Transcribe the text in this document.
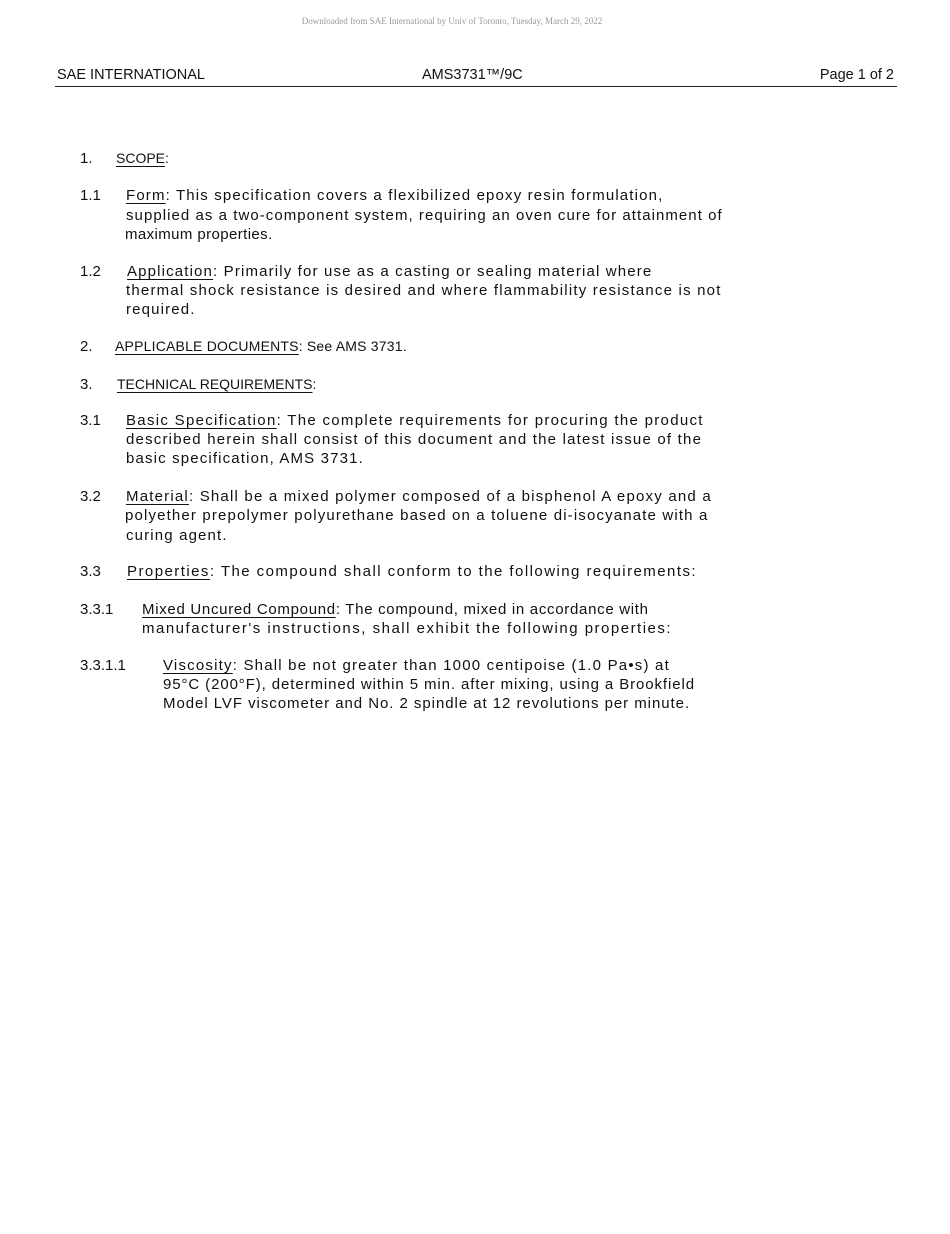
Downloaded from SAE International by Univ of Toronto, Tuesday, March 29, 2022
SAE INTERNATIONAL	AMS3731™/9C	Page 1 of 2
1. SCOPE:
1.1 Form: This specification covers a flexibilized epoxy resin formulation,
supplied as a two-component system, requiring an oven cure for attainment of
maximum properties.
1.2 Application: Primarily for use as a casting or sealing material where
thermal shock resistance is desired and where flammability resistance is not
required.
2. APPLICABLE DOCUMENTS: See AMS 3731.
3. TECHNICAL REQUIREMENTS:
3.1 Basic Specification: The complete requirements for procuring the product
described herein shall consist of this document and the latest issue of the
basic specification, AMS 3731.
3.2 Material: Shall be a mixed polymer composed of a bisphenol A epoxy and a
polyether prepolymer polyurethane based on a toluene di-isocyanate with a
curing agent.
3.3 Properties: The compound shall conform to the following requirements:
3.3.1 Mixed Uncured Compound: The compound, mixed in accordance with
manufacturer's instructions, shall exhibit the following properties:
3.3.1.1 Viscosity: Shall be not greater than 1000 centipoise (1.0 Pa•s) at
95°C (200°F), determined within 5 min. after mixing, using a Brookfield
Model LVF viscometer and No. 2 spindle at 12 revolutions per minute.
